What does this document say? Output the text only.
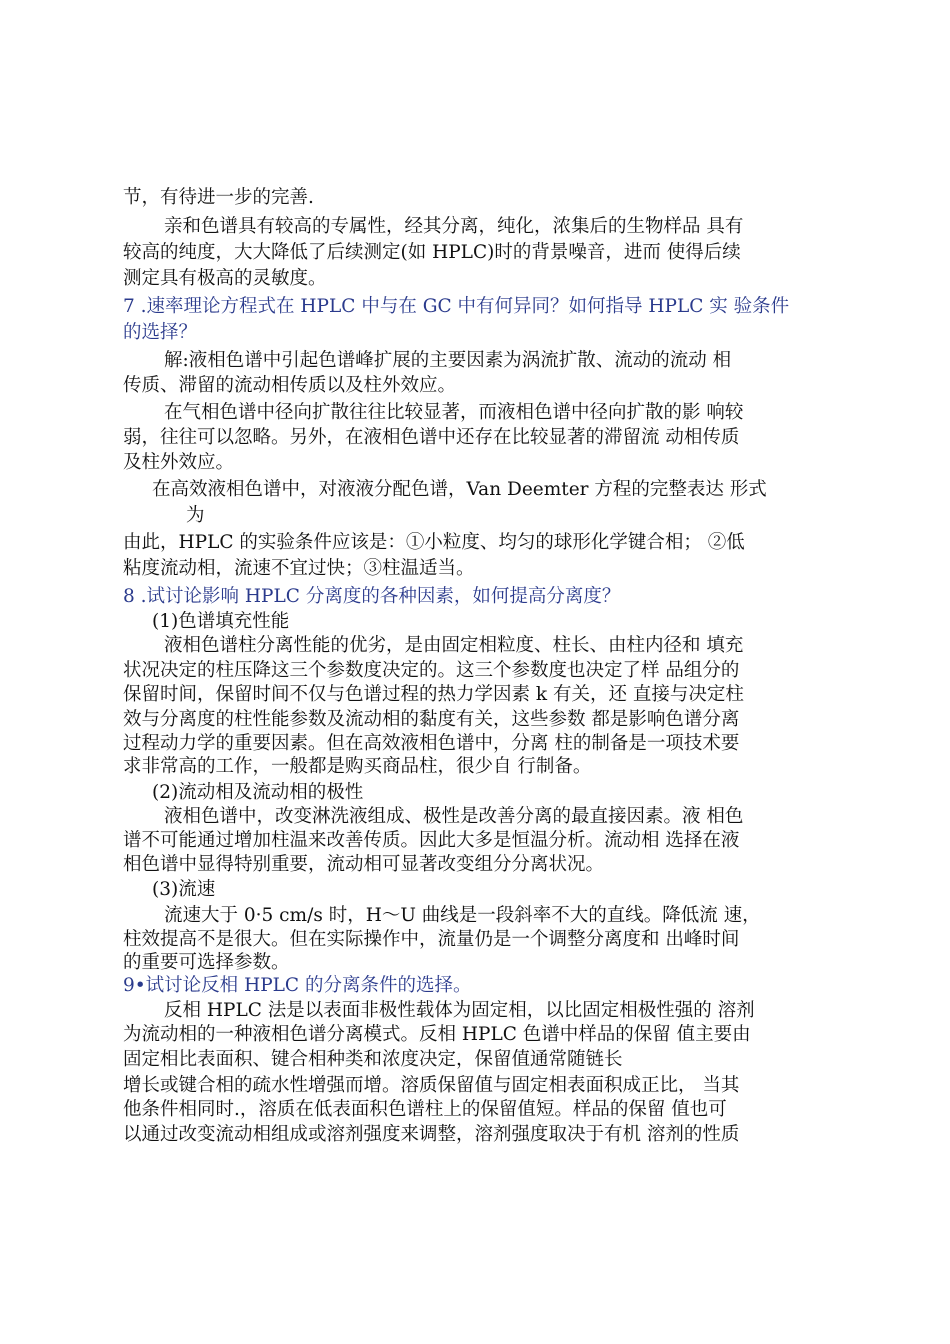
节，有待进一步的完善.
亲和色谱具有较高的专属性，经其分离，纯化，浓集后的生物样品 具有
较高的纯度，大大降低了后续测定(如 HPLC)时的背景噪音，进而 使得后续
测定具有极高的灵敏度。
7 .速率理论方程式在 HPLC 中与在 GC 中有何异同？如何指导 HPLC 实 验条件
的选择？
解:液相色谱中引起色谱峰扩展的主要因素为涡流扩散、流动的流动 相
传质、滞留的流动相传质以及柱外效应。
在气相色谱中径向扩散往往比较显著，而液相色谱中径向扩散的影 响较
弱，往往可以忽略。另外，在液相色谱中还存在比较显著的滞留流 动相传质
及柱外效应。
在高效液相色谱中，对液液分配色谱，Van Deemter 方程的完整表达 形式
为
由此，HPLC 的实验条件应该是：①小粒度、均匀的球形化学键合相； ②低
粘度流动相，流速不宜过快；③柱温适当。
8 .试讨论影响 HPLC 分离度的各种因素，如何提高分离度？
(1)色谱填充性能
液相色谱柱分离性能的优劣，是由固定相粒度、柱长、由柱内径和 填充
状况决定的柱压降这三个参数度决定的。这三个参数度也决定了样 品组分的
保留时间，保留时间不仅与色谱过程的热力学因素 k 有关，还 直接与决定柱
效与分离度的柱性能参数及流动相的黏度有关，这些参数 都是影响色谱分离
过程动力学的重要因素。但在高效液相色谱中，分离 柱的制备是一项技术要
求非常高的工作，一般都是购买商品柱，很少自 行制备。
(2)流动相及流动相的极性
液相色谱中，改变淋洗液组成、极性是改善分离的最直接因素。液 相色
谱不可能通过增加柱温来改善传质。因此大多是恒温分析。流动相 选择在液
相色谱中显得特别重要，流动相可显著改变组分分离状况。
(3)流速
流速大于 0·5 cm/s 时，H〜U 曲线是一段斜率不大的直线。降低流 速，
柱效提高不是很大。但在实际操作中，流量仍是一个调整分离度和 出峰时间
的重要可选择参数。
9•试讨论反相 HPLC 的分离条件的选择。
反相 HPLC 法是以表面非极性载体为固定相，以比固定相极性强的 溶剂
为流动相的一种液相色谱分离模式。反相 HPLC 色谱中样品的保留 值主要由
固定相比表面积、键合相种类和浓度决定，保留值通常随链长
增长或键合相的疏水性增强而增。溶质保留值与固定相表面积成正比， 当其
他条件相同时.，溶质在低表面积色谱柱上的保留值短。样品的保留 值也可
以通过改变流动相组成或溶剂强度来调整，溶剂强度取决于有机 溶剂的性质
